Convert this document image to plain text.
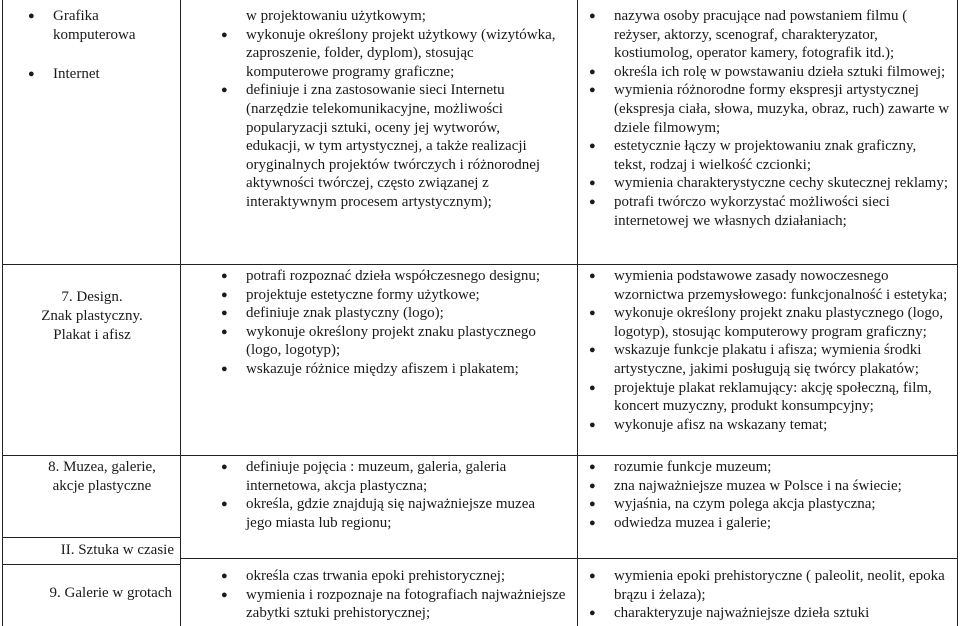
●
Grafika komputerowa
●
Internet
7. Design.
Znak plastyczny.
Plakat i afisz
8. Muzea, galerie,
akcje plastyczne
II. Sztuka w czasie
9. Galerie w grotach
w projektowaniu użytkowym;
●
wykonuje określony projekt użytkowy (wizytówka, zaproszenie, folder, dyplom), stosując komputerowe programy graficzne;
●
definiuje i zna zastosowanie sieci Internetu (narzędzie telekomunikacyjne, możliwości popularyzacji sztuki, oceny jej wytworów, edukacji, w tym artystycznej, a także realizacji oryginalnych projektów twórczych i różnorodnej aktywności twórczej, często związanej z interaktywnym procesem artystycznym);
●
potrafi rozpoznać dzieła współczesnego designu;
●
projektuje estetyczne formy użytkowe;
●
definiuje znak plastyczny (logo);
●
wykonuje określony projekt znaku plastycznego (logo, logotyp);
●
wskazuje różnice między afiszem i plakatem;
●
definiuje pojęcia : muzeum, galeria, galeria internetowa, akcja plastyczna;
●
określa, gdzie znajdują się najważniejsze muzea jego miasta lub regionu;
●
określa czas trwania epoki prehistorycznej;
●
wymienia i rozpoznaje na fotografiach najważniejsze zabytki sztuki prehistorycznej;
●
nazywa osoby pracujące nad powstaniem filmu ( reżyser, aktorzy, scenograf, charakteryzator, kostiumolog, operator kamery, fotografik itd.);
●
określa ich rolę w powstawaniu dzieła sztuki filmowej;
●
wymienia różnorodne formy ekspresji artystycznej (ekspresja ciała, słowa, muzyka, obraz, ruch) zawarte w dziele filmowym;
●
estetycznie łączy w projektowaniu znak graficzny, tekst, rodzaj i wielkość czcionki;
●
wymienia charakterystyczne cechy skutecznej reklamy;
●
potrafi twórczo wykorzystać możliwości sieci internetowej we własnych działaniach;
●
wymienia podstawowe zasady nowoczesnego wzornictwa przemysłowego: funkcjonalność i estetyka;
●
wykonuje określony projekt znaku plastycznego (logo, logotyp), stosując komputerowy program graficzny;
●
wskazuje funkcje plakatu i afisza; wymienia środki artystyczne, jakimi posługują się twórcy plakatów;
●
projektuje plakat reklamujący: akcję społeczną, film, koncert muzyczny, produkt konsumpcyjny;
●
wykonuje afisz na wskazany temat;
●
rozumie funkcje muzeum;
●
zna najważniejsze muzea w Polsce i na świecie;
●
wyjaśnia, na czym polega akcja plastyczna;
●
odwiedza muzea i galerie;
●
wymienia epoki prehistoryczne ( paleolit, neolit, epoka brązu i żelaza);
●
charakteryzuje najważniejsze dzieła sztuki
